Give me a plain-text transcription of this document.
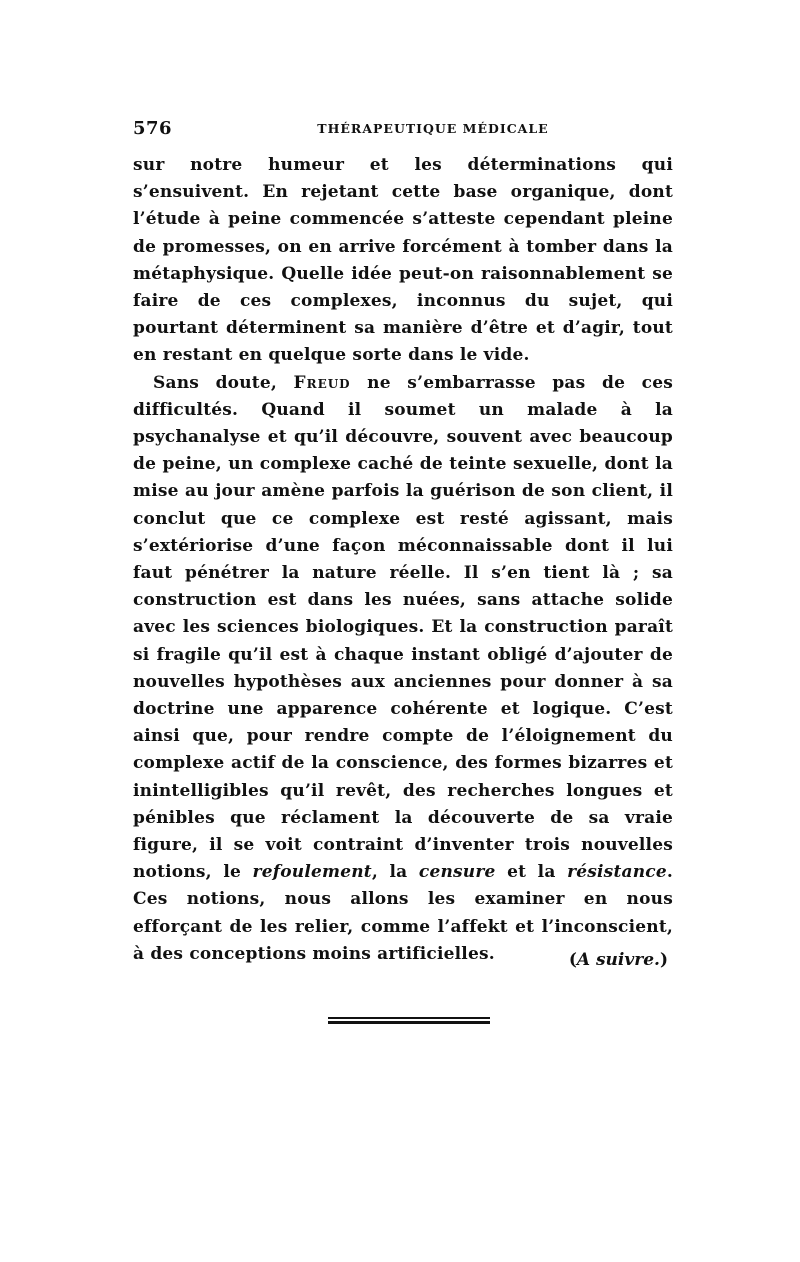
576	THÉRAPEUTIQUE MÉDICALE

sur notre humeur et les déterminations qui s’ensuivent. En rejetant cette base organique, dont l’étude à peine commencée s’atteste cependant pleine de promesses, on en arrive forcément à tomber dans la métaphysique. Quelle idée peut-on raisonnablement se faire de ces complexes, inconnus du sujet, qui pourtant déterminent sa manière d’être et d’agir, tout en restant en quelque sorte dans le vide.

Sans doute, Freud ne s’embarrasse pas de ces difficultés. Quand il soumet un malade à la psychanalyse et qu’il découvre, souvent avec beaucoup de peine, un complexe caché de teinte sexuelle, dont la mise au jour amène parfois la guérison de son client, il conclut que ce complexe est resté agissant, mais s’extériorise d’une façon méconnaissable dont il lui faut pénétrer la nature réelle. Il s’en tient là ; sa construction est dans les nuées, sans attache solide avec les sciences biologiques. Et la construction paraît si fragile qu’il est à chaque instant obligé d’ajouter de nouvelles hypothèses aux anciennes pour donner à sa doctrine une apparence cohérente et logique. C’est ainsi que, pour rendre compte de l’éloignement du complexe actif de la conscience, des formes bizarres et inintelligibles qu’il revêt, des recherches longues et pénibles que réclament la découverte de sa vraie figure, il se voit contraint d’inventer trois nouvelles notions, le refoulement, la censure et la résistance. Ces notions, nous allons les examiner en nous efforçant de les relier, comme l’affekt et l’inconscient, à des conceptions moins artificielles.	(A suivre.)
